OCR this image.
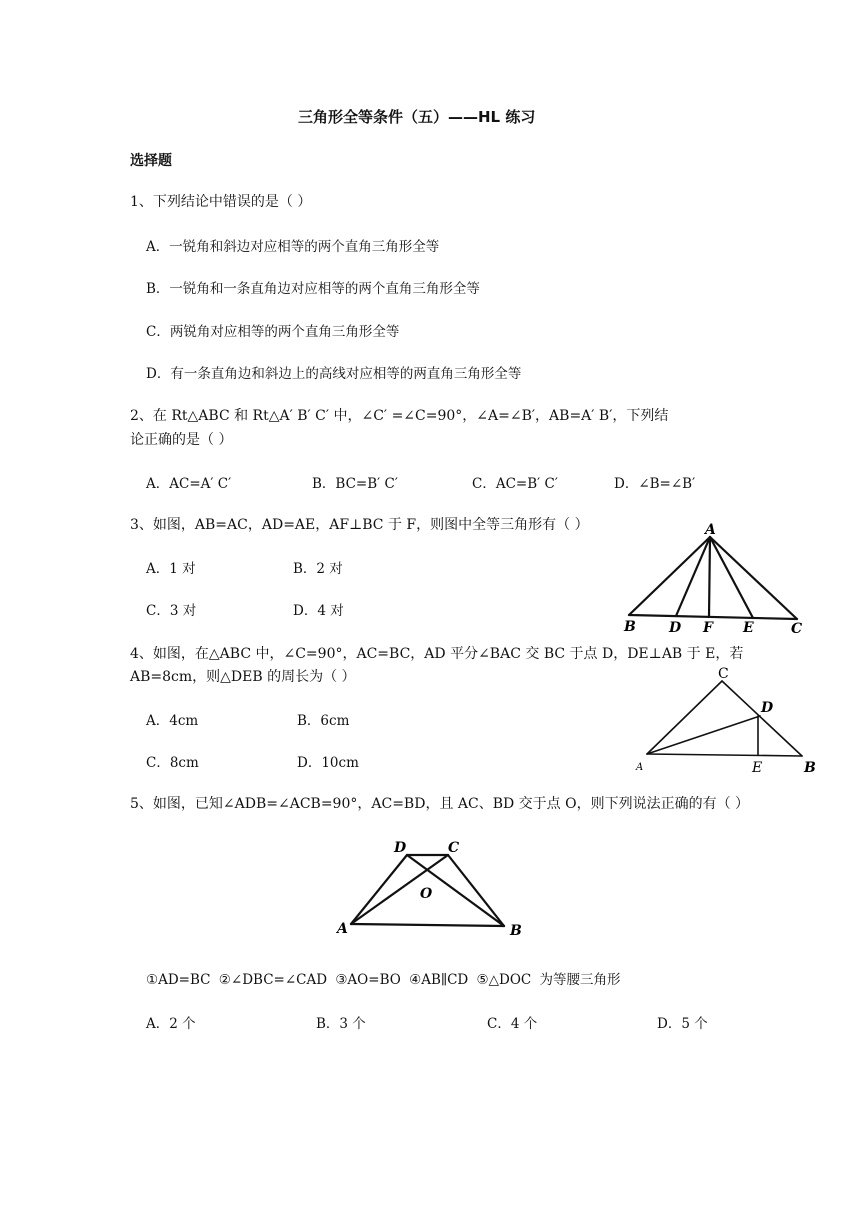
三角形全等条件（五）——HL 练习
选择题
1、下列结论中错误的是（ ）
A．一锐角和斜边对应相等的两个直角三角形全等
B．一锐角和一条直角边对应相等的两个直角三角形全等
C．两锐角对应相等的两个直角三角形全等
D．有一条直角边和斜边上的高线对应相等的两直角三角形全等
2、在 Rt△ABC 和 Rt△A′ B′ C′ 中，∠C′ =∠C=90°，∠A=∠B′，AB=A′ B′，下列结
论正确的是（ ）
A．AC=A′ C′	B．BC=B′ C′	C．AC=B′ C′	D．∠B=∠B′
3、如图，AB=AC，AD=AE，AF⊥BC 于 F，则图中全等三角形有（ ）
A．1 对	B．2 对
C．3 对	D．4 对
A
B D F E	C
4、如图，在△ABC 中，∠C=90°，AC=BC，AD 平分∠BAC 交 BC 于点 D，DE⊥AB 于 E，若
AB=8cm，则△DEB 的周长为（ ）
A．4cm	B．6cm
C．8cm	D．10cm
C
D
A	E	B
5、如图，已知∠ADB=∠ACB=90°，AC=BD，且 AC、BD 交于点 O，则下列说法正确的有（ ）
D	C
O
A	B
①AD=BC ②∠DBC=∠CAD ③AO=BO ④AB∥CD ⑤△DOC 为等腰三角形
A．2 个	B．3 个	C．4 个	D．5 个
